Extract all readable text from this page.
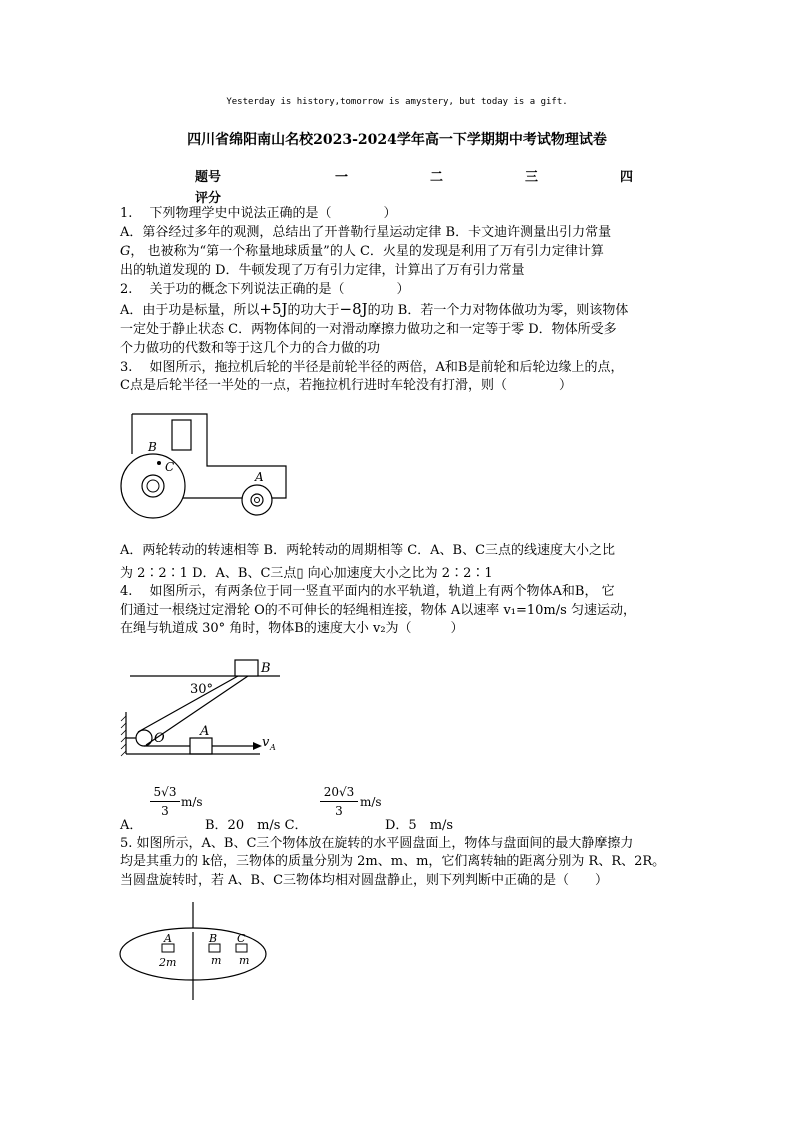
Yesterday is history,tomorrow is amystery, but today is a gift.
四川省绵阳南山名校2023-2024学年高一下学期期中考试物理试卷
题号	一	二	三	四
评分
1.　 下列物理学史中说法正确的是（　　　　）
A．第谷经过多年的观测，总结出了开普勒行星运动定律 B．卡文迪许测量出引力常量
G， 也被称为“第一个称量地球质量”的人 C．火星的发现是利用了万有引力定律计算
出的轨道发现的 D．牛顿发现了万有引力定律，计算出了万有引力常量
2.　 关于功的概念下列说法正确的是（　　　　）
A．由于功是标量，所以+5J的功大于−8J的功 B．若一个力对物体做功为零，则该物体
一定处于静止状态 C．两物体间的一对滑动摩擦力做功之和一定等于零 D．物体所受多
个力做功的代数和等于这几个力的合力做的功
3.　 如图所示，拖拉机后轮的半径是前轮半径的两倍，A和B是前轮和后轮边缘上的点，
C点是后轮半径一半处的一点，若拖拉机行进时车轮没有打滑，则（　　　　）
B
C
A
A．两轮转动的转速相等 B．两轮转动的周期相等 C．A、B、C三点的线速度大小之比
为 2∶2∶1 D．A、B、C三点▯ 向心加速度大小之比为 2∶2∶1
4.　 如图所示，有两条位于同一竖直平面内的水平轨道，轨道上有两个物体A和B， 它
们通过一根绕过定滑轮 O的不可伸长的轻绳相连接，物体 A以速率 v₁=10m/s 匀速运动，
在绳与轨道成 30° 角时，物体B的速度大小 v₂为（　　　）
B
30°
O	A
v A
A．
5√3
3
m/s
B．20　m/s C．
20√3
3
m/s
D．5　m/s
5. 如图所示，A、B、C三个物体放在旋转的水平圆盘面上，物体与盘面间的最大静摩擦力
均是其重力的 k倍，三物体的质量分别为 2m、m、m，它们离转轴的距离分别为 R、R、2R。
当圆盘旋转时，若 A、B、C三物体均相对圆盘静止，则下列判断中正确的是（　　）
A	B C
2m	m m
